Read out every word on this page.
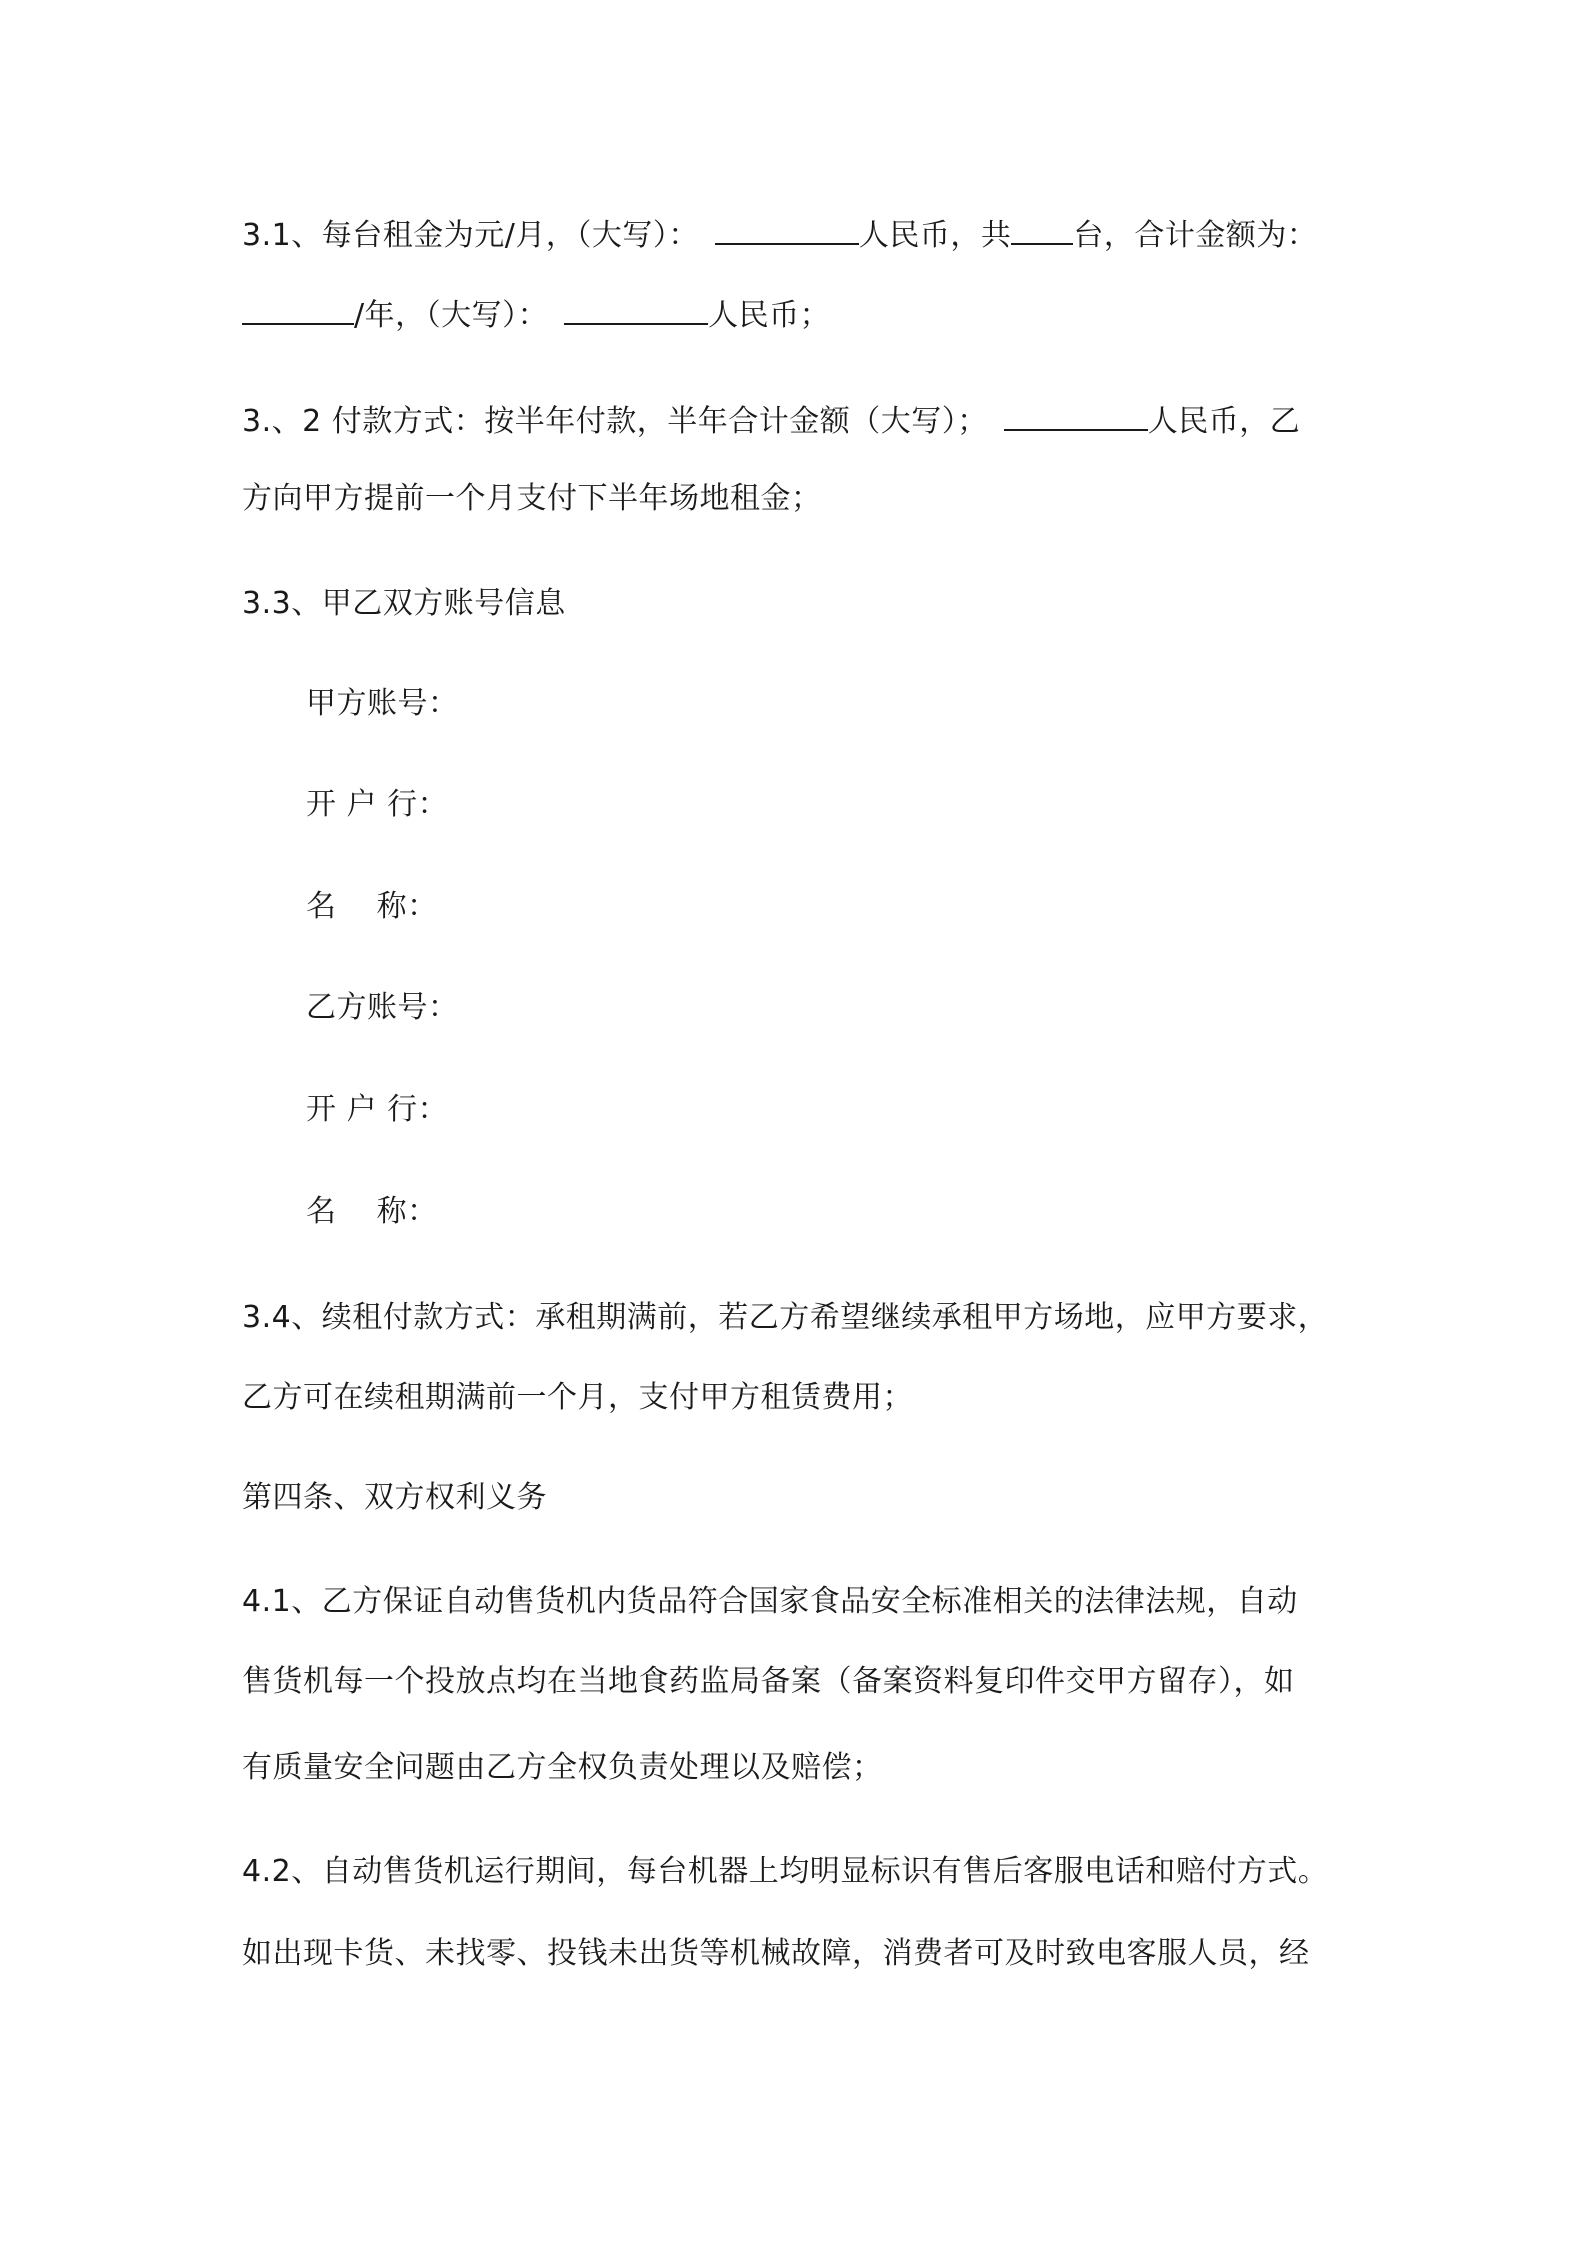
3.1、每台租金为元/月，（大写）：	人民币，共 台，合计金额为：
/年，（大写）：	人民币；
3.、2 付款方式：按半年付款，半年合计金额（大写）；	人民币，乙
方向甲方提前一个月支付下半年场地租金；
3.3、甲乙双方账号信息
甲方账号：
开 户 行：
名    称：
乙方账号：
开 户 行：
名    称：
3.4、续租付款方式：承租期满前，若乙方希望继续承租甲方场地，应甲方要求，
乙方可在续租期满前一个月，支付甲方租赁费用；
第四条、双方权利义务
4.1、乙方保证自动售货机内货品符合国家食品安全标准相关的法律法规，自动
售货机每一个投放点均在当地食药监局备案（备案资料复印件交甲方留存），如
有质量安全问题由乙方全权负责处理以及赔偿；
4.2、自动售货机运行期间，每台机器上均明显标识有售后客服电话和赔付方式。
如出现卡货、未找零、投钱未出货等机械故障，消费者可及时致电客服人员，经
